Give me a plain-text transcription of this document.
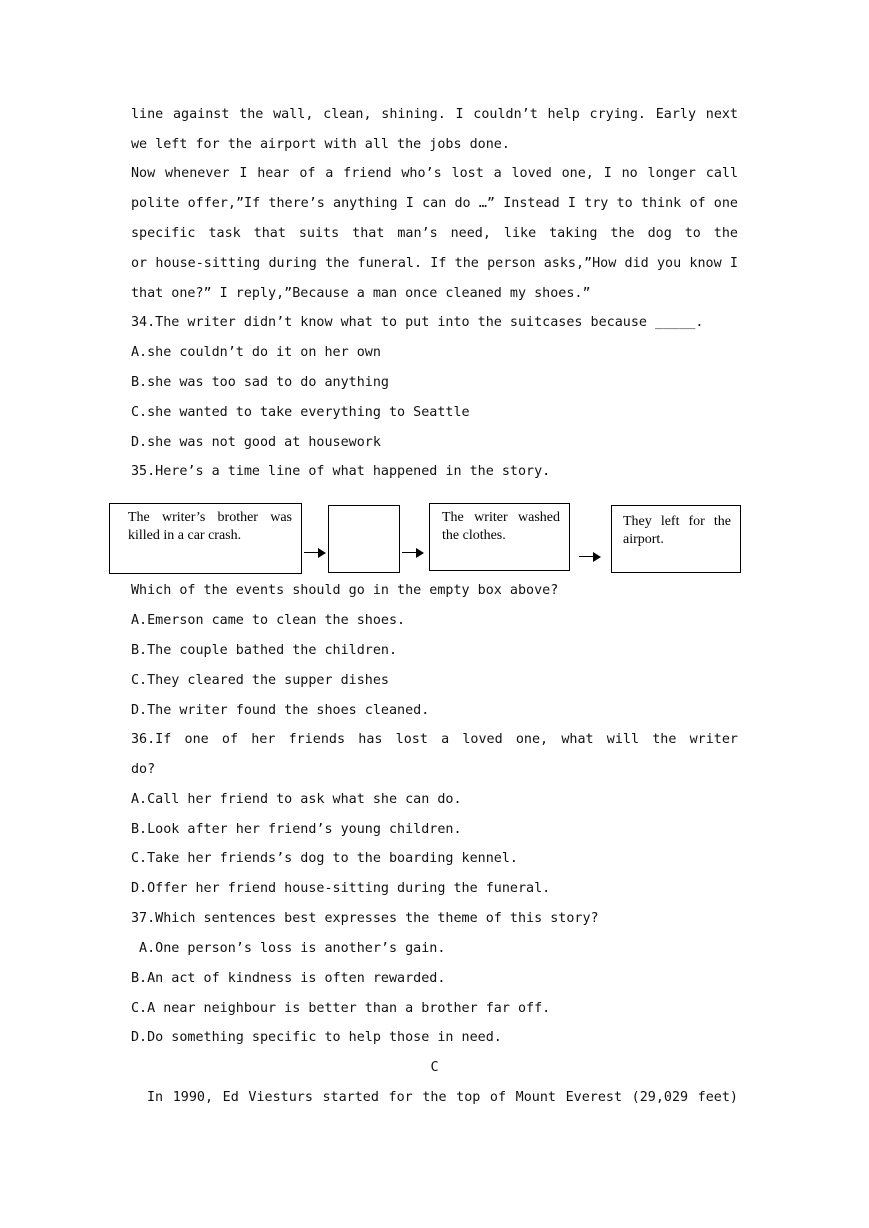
line against the wall, clean, shining. I couldn’t help crying. Early next
we left for the airport with all the jobs done.
Now whenever I hear of a friend who’s lost a loved one, I no longer call
polite offer,”If there’s anything I can do …” Instead I try to think of one
specific task that suits that man’s need, like taking the dog to the
or house-sitting during the funeral. If the person asks,”How did you know I
that one?” I reply,”Because a man once cleaned my shoes.”
34.The writer didn’t know what to put into the suitcases because _____.
A.she couldn’t do it on her own
B.she was too sad to do anything
C.she wanted to take everything to Seattle
D.she was not good at housework
35.Here’s a time line of what happened in the story.
The writer’s brother was killed in a car crash.
The writer washed the clothes.
They left for the airport.
Which of the events should go in the empty box above?
A.Emerson came to clean the shoes.
B.The couple bathed the children.
C.They cleared the supper dishes
D.The writer found the shoes cleaned.
36.If one of her friends has lost a loved one, what will the writer
do?
A.Call her friend to ask what she can do.
B.Look after her friend’s young children.
C.Take her friends’s dog to the boarding kennel.
D.Offer her friend house-sitting during the funeral.
37.Which sentences best expresses the theme of this story?
A.One person’s loss is another’s gain.
B.An act of kindness is often rewarded.
C.A near neighbour is better than a brother far off.
D.Do something specific to help those in need.
C
In 1990, Ed Viesturs started for the top of Mount Everest (29,029 feet)
